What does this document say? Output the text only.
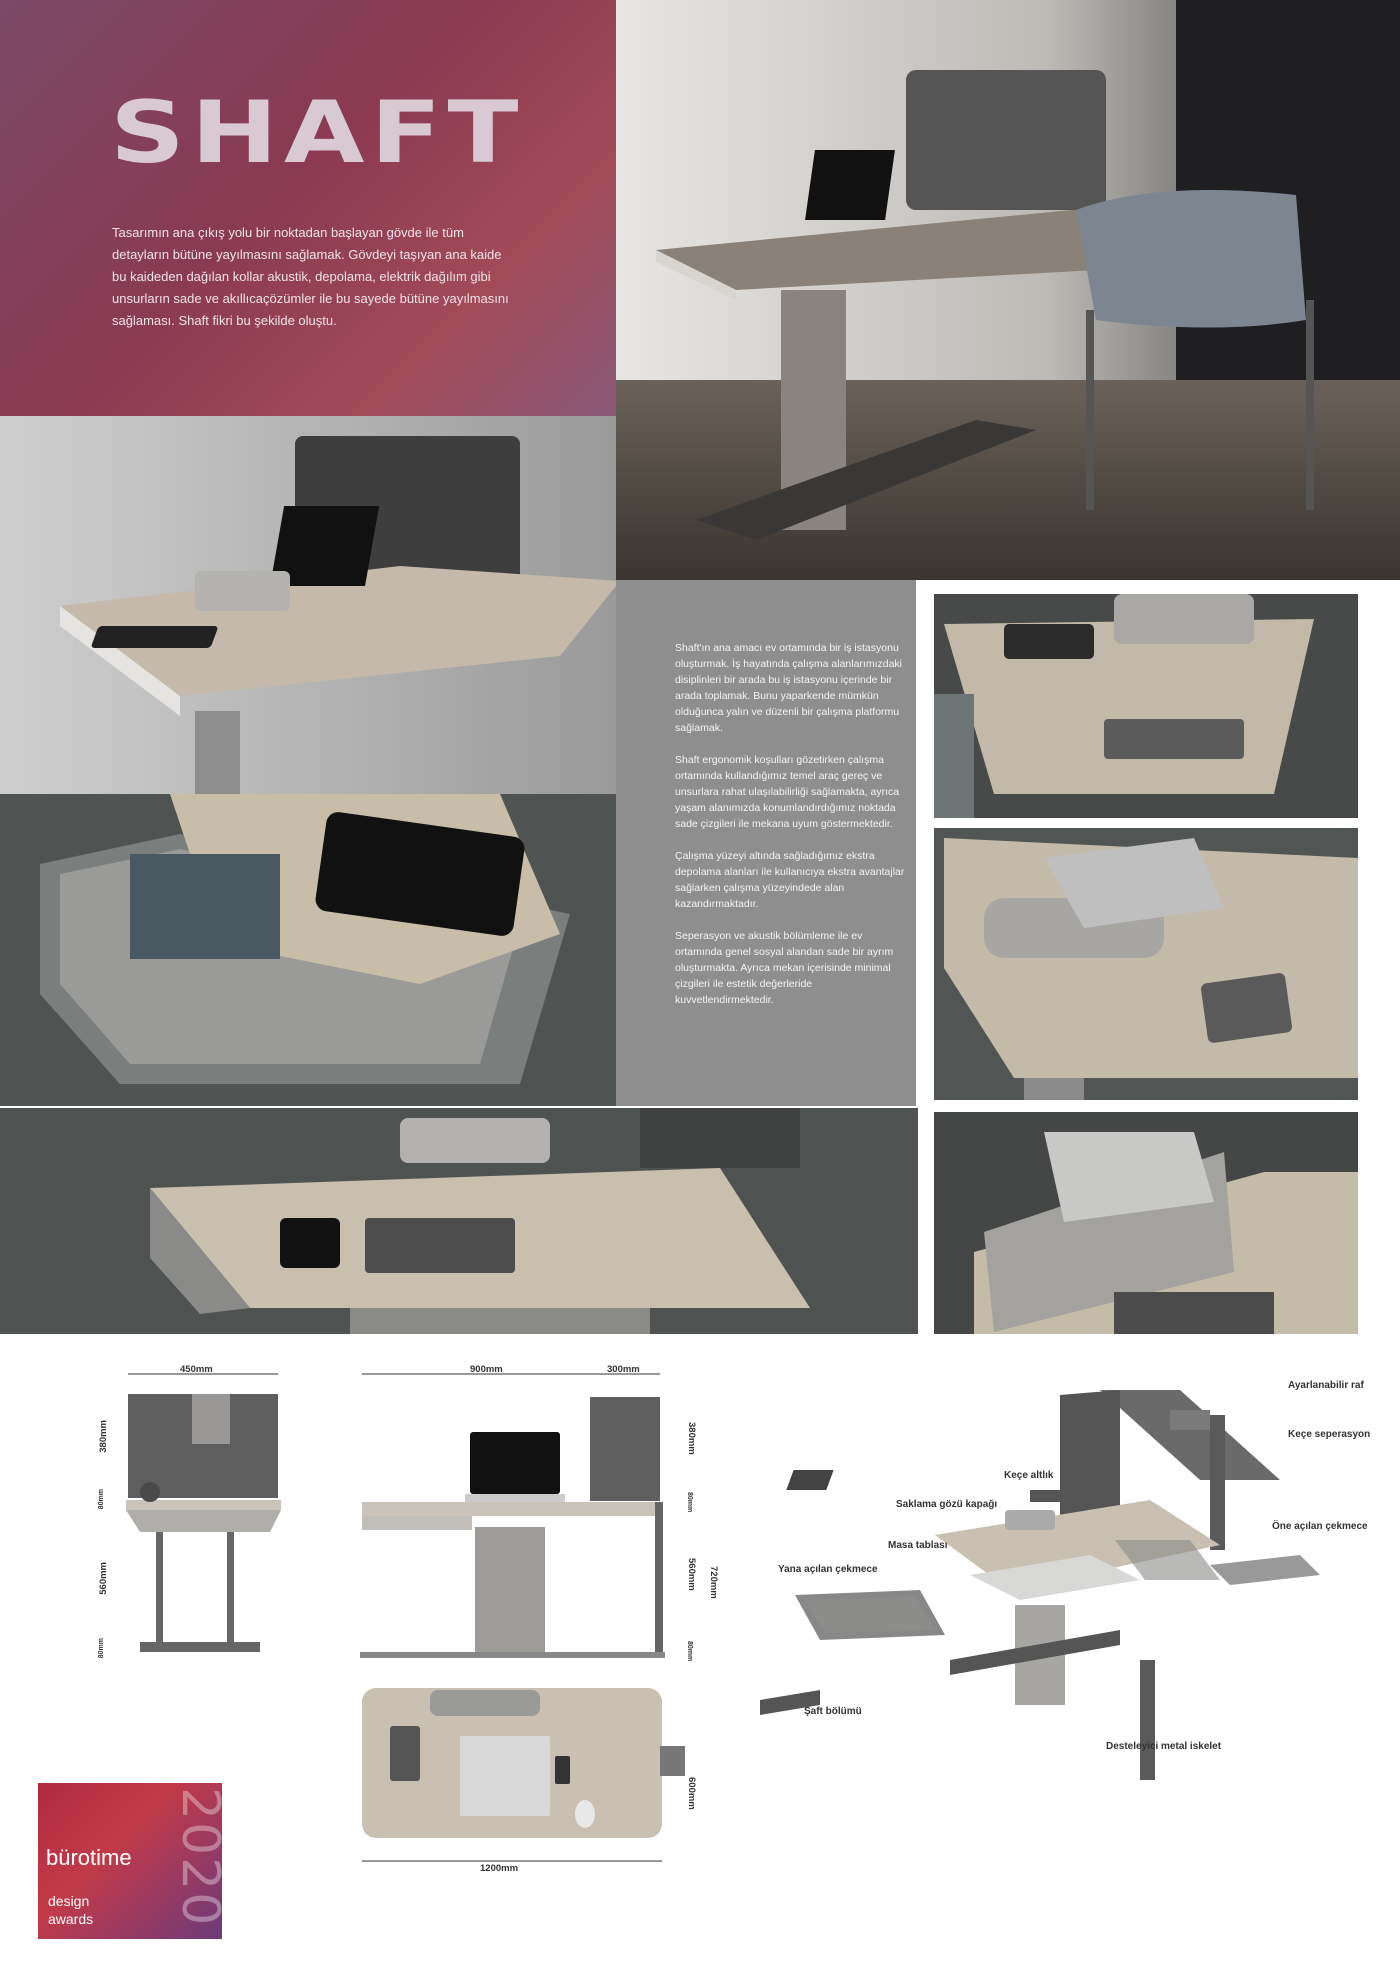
SHAFT
Tasarımın ana çıkış yolu bir noktadan başlayan gövde ile tüm detayların bütüne yayılmasını sağlamak. Gövdeyi taşıyan ana kaide bu kaideden dağılan kollar akustik, depolama, elektrik dağılım gibi unsurların sade ve akıllıcaçözümler ile bu sayede bütüne yayılmasını sağlaması. Shaft fikri bu şekilde oluştu.

Shaft'ın ana amacı ev ortamında bir iş istasyonu oluşturmak. İş hayatında çalışma alanlarımızdaki disiplinleri bir arada bu iş istasyonu içerinde bir arada toplamak. Bunu yaparkende mümkün olduğunca yalın ve düzenli bir çalışma platformu sağlamak.

Shaft ergonomik koşulları gözetirken çalışma ortamında kullandığımız temel araç gereç ve unsurlara rahat ulaşılabilirliği sağlamakta, ayrıca yaşam alanımızda konumlandırdığımız noktada sade çizgileri ile mekana uyum göstermektedir.

Çalışma yüzeyi altında sağladığımız ekstra depolama alanları ile kullanıcıya ekstra avantajlar sağlarken çalışma yüzeyindede alan kazandırmaktadır.

Seperasyon ve akustik bölümleme ile ev ortamında genel sosyal alandan sade bir ayrım oluşturmakta. Ayrıca mekan içerisinde minimal çizgileri ile estetik değerleride kuvvetlendirmektedir.

450mm
380mm
80mm
560mm
80mm
900mm	300mm
380mm
80mm
560mm
80mm
720mm
1200mm
600mm
Ayarlanabilir raf
Keçe seperasyon
Keçe altlık
Saklama gözü kapağı
Masa tablası
Öne açılan çekmece
Yana açılan çekmece
Şaft bölümü
Desteleyici metal iskelet
2020
bürotime
design
awards
